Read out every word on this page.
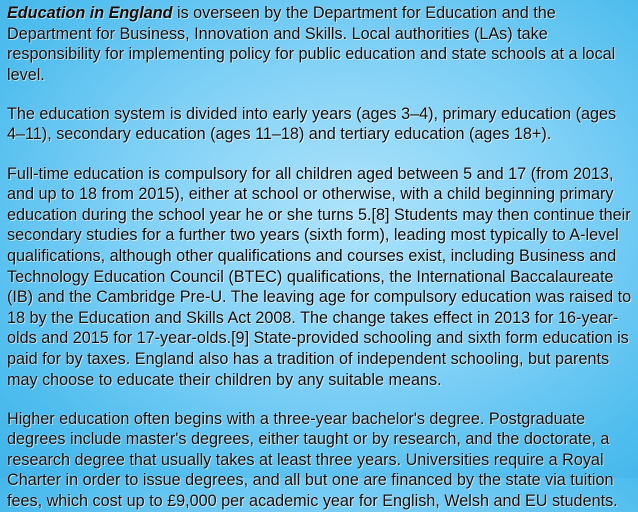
Education in England is overseen by the Department for Education and the Department for Business, Innovation and Skills. Local authorities (LAs) take responsibility for implementing policy for public education and state schools at a local level.

The education system is divided into early years (ages 3–4), primary education (ages 4–11), secondary education (ages 11–18) and tertiary education (ages 18+).

Full-time education is compulsory for all children aged between 5 and 17 (from 2013, and up to 18 from 2015), either at school or otherwise, with a child beginning primary education during the school year he or she turns 5.[8] Students may then continue their secondary studies for a further two years (sixth form), leading most typically to A-level qualifications, although other qualifications and courses exist, including Business and Technology Education Council (BTEC) qualifications, the International Baccalaureate (IB) and the Cambridge Pre-U. The leaving age for compulsory education was raised to 18 by the Education and Skills Act 2008. The change takes effect in 2013 for 16-year-olds and 2015 for 17-year-olds.[9] State-provided schooling and sixth form education is paid for by taxes. England also has a tradition of independent schooling, but parents may choose to educate their children by any suitable means.

Higher education often begins with a three-year bachelor's degree. Postgraduate degrees include master's degrees, either taught or by research, and the doctorate, a research degree that usually takes at least three years. Universities require a Royal Charter in order to issue degrees, and all but one are financed by the state via tuition fees, which cost up to £9,000 per academic year for English, Welsh and EU students.
